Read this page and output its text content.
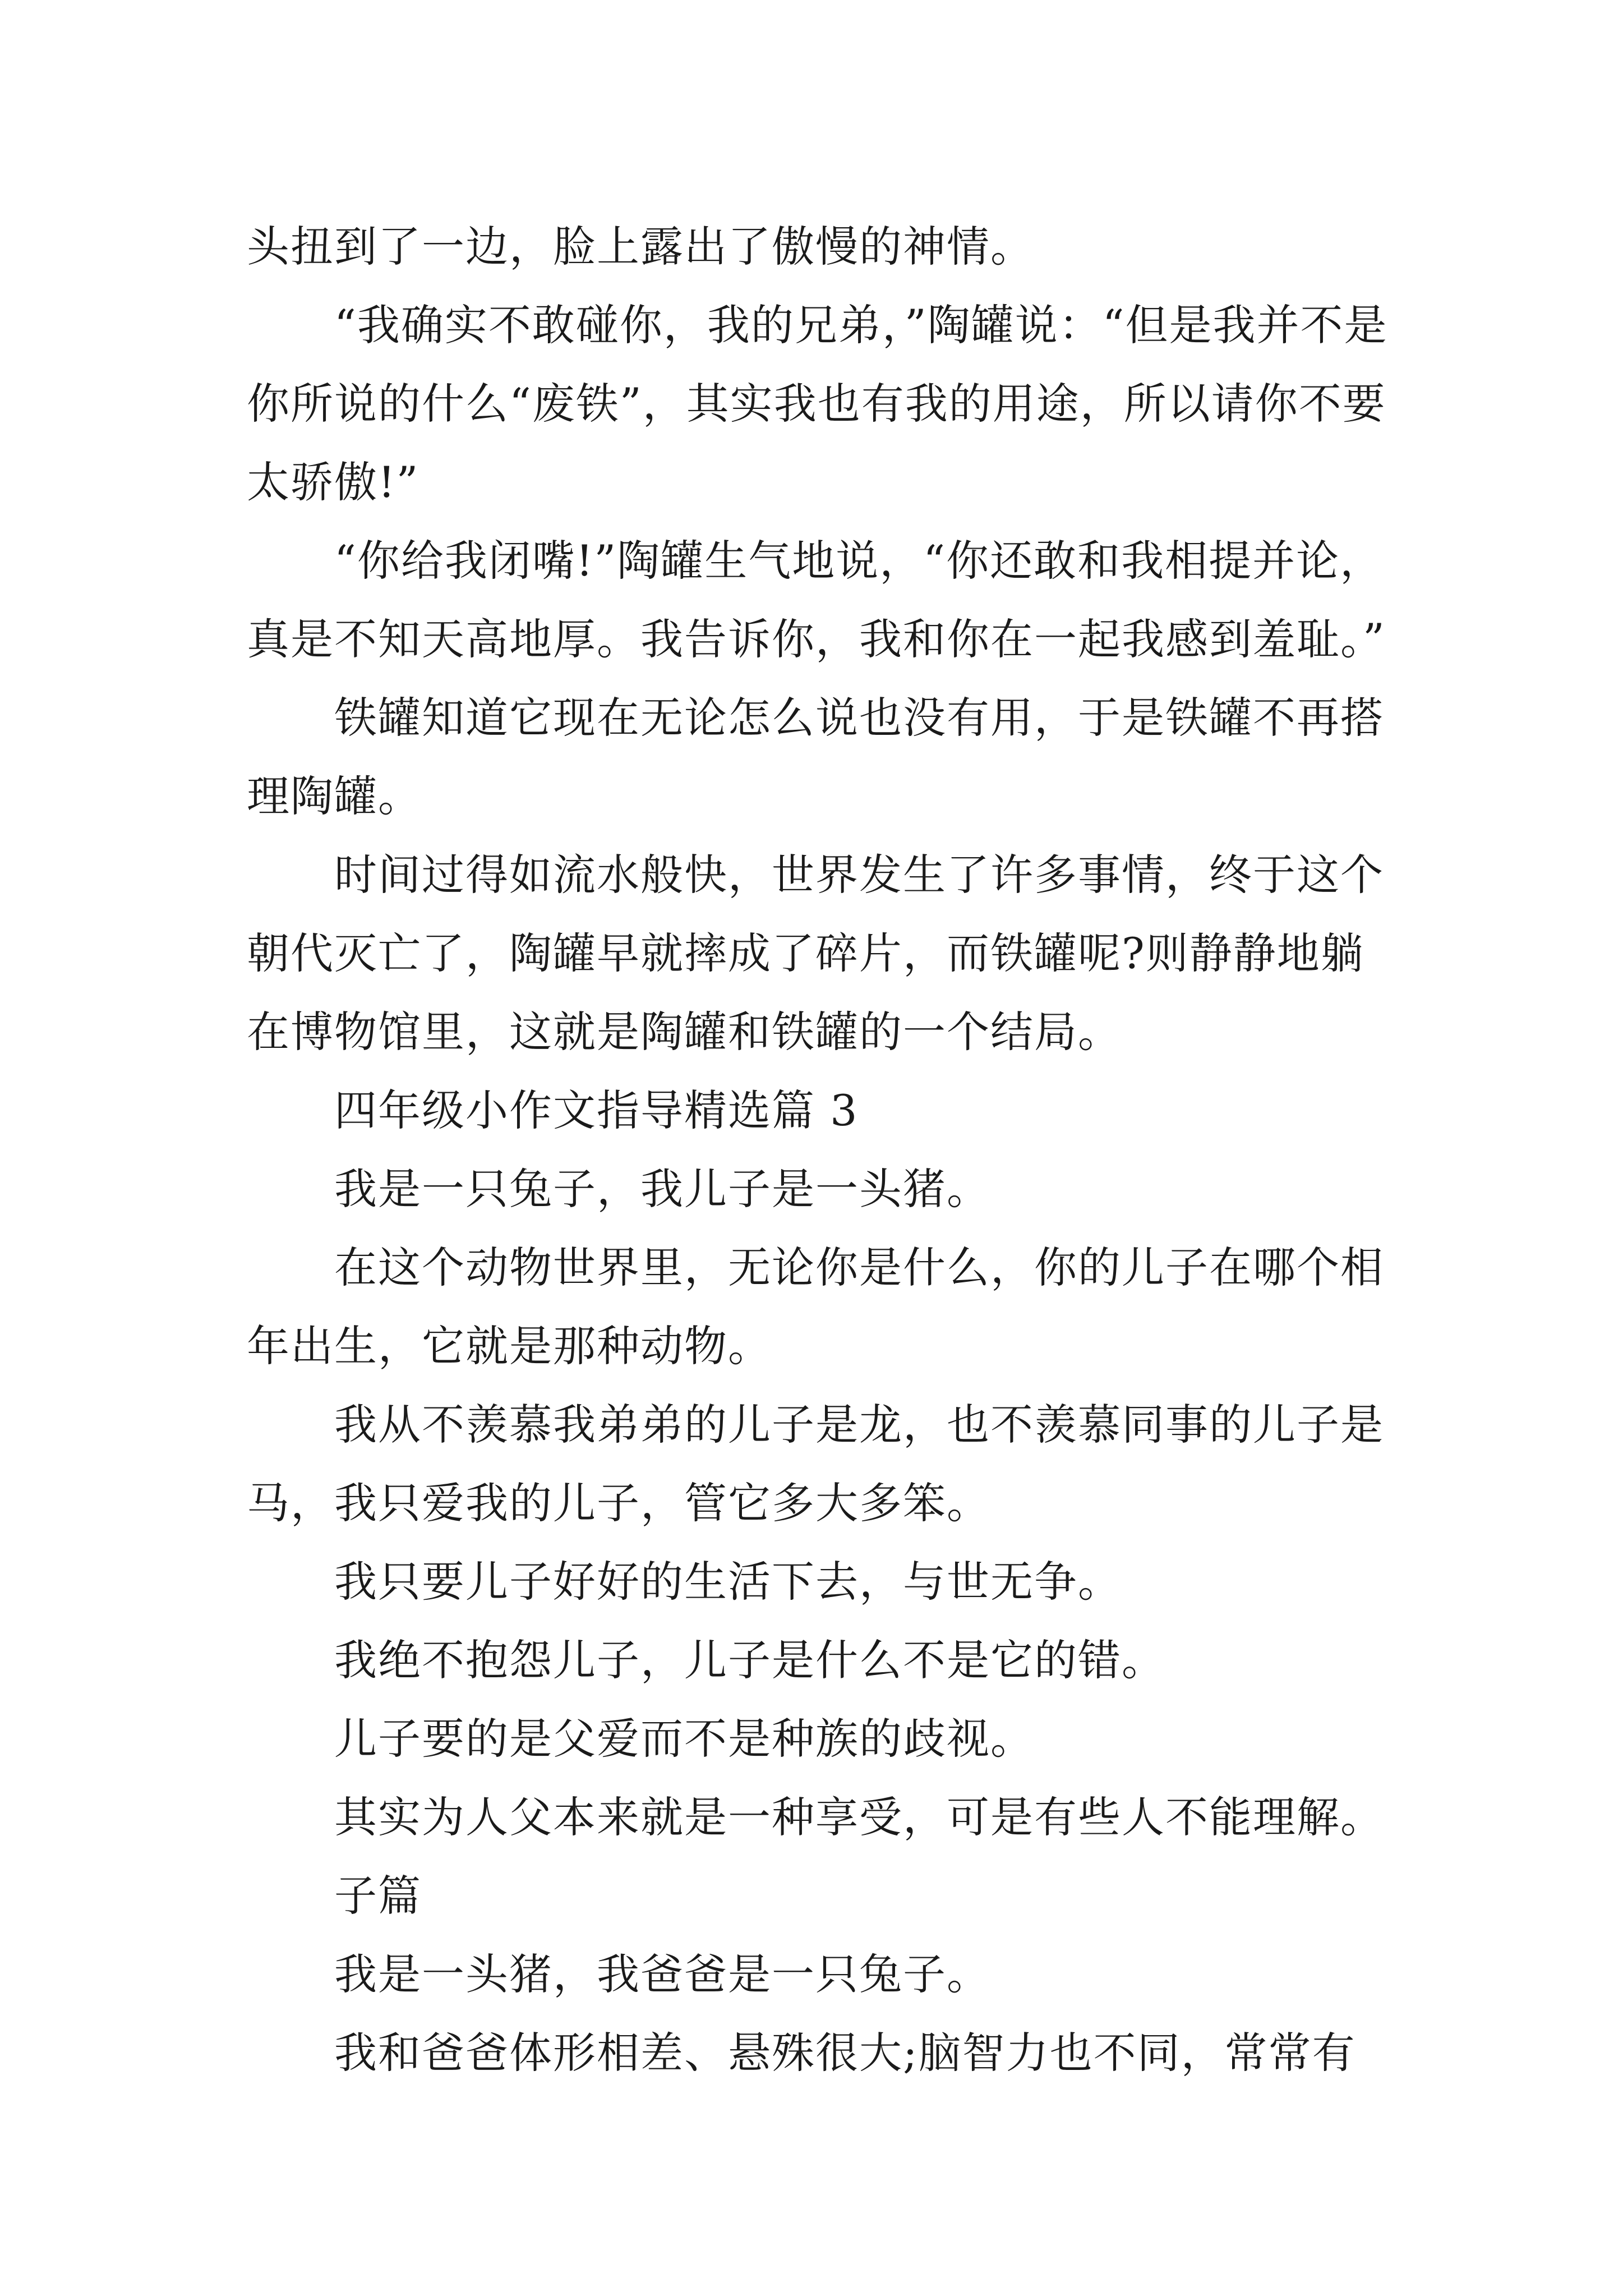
头扭到了一边，脸上露出了傲慢的神情。

“我确实不敢碰你，我的兄弟，”陶罐说：“但是我并不是你所说的什么“废铁”，其实我也有我的用途，所以请你不要太骄傲!”

“你给我闭嘴!”陶罐生气地说，“你还敢和我相提并论，真是不知天高地厚。我告诉你，我和你在一起我感到羞耻。”

铁罐知道它现在无论怎么说也没有用，于是铁罐不再搭理陶罐。

时间过得如流水般快，世界发生了许多事情，终于这个朝代灭亡了，陶罐早就摔成了碎片，而铁罐呢?则静静地躺在博物馆里，这就是陶罐和铁罐的一个结局。

四年级小作文指导精选篇 3

我是一只兔子，我儿子是一头猪。

在这个动物世界里，无论你是什么，你的儿子在哪个相年出生，它就是那种动物。

我从不羡慕我弟弟的儿子是龙，也不羡慕同事的儿子是马，我只爱我的儿子，管它多大多笨。

我只要儿子好好的生活下去，与世无争。

我绝不抱怨儿子，儿子是什么不是它的错。

儿子要的是父爱而不是种族的歧视。

其实为人父本来就是一种享受，可是有些人不能理解。

子篇

我是一头猪，我爸爸是一只兔子。

我和爸爸体形相差、悬殊很大;脑智力也不同，常常有
